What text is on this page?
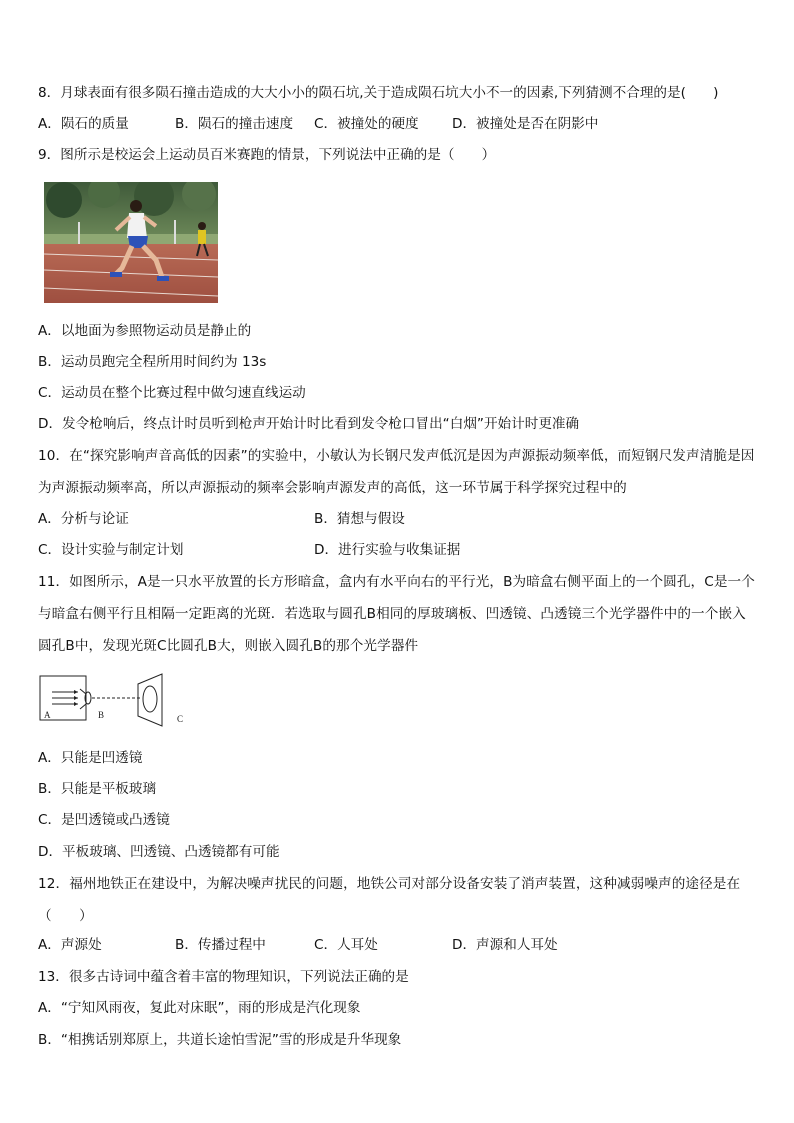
8．月球表面有很多陨石撞击造成的大大小小的陨石坑,关于造成陨石坑大小不一的因素,下列猜测不合理的是(　　)
A．陨石的质量	B．陨石的撞击速度 C．被撞处的硬度 D．被撞处是否在阴影中
9．图所示是校运会上运动员百米赛跑的情景，下列说法中正确的是（　　）
A．以地面为参照物运动员是静止的
B．运动员跑完全程所用时间约为 13s
C．运动员在整个比赛过程中做匀速直线运动
D．发令枪响后，终点计时员听到枪声开始计时比看到发令枪口冒出“白烟”开始计时更准确
10．在“探究影响声音高低的因素”的实验中，小敏认为长钢尺发声低沉是因为声源振动频率低，而短钢尺发声清脆是因为声源振动频率高，所以声源振动的频率会影响声源发声的高低，这一环节属于科学探究过程中的
A．分析与论证	B．猜想与假设
C．设计实验与制定计划	D．进行实验与收集证据
11．如图所示，A是一只水平放置的长方形暗盒，盒内有水平向右的平行光，B为暗盒右侧平面上的一个圆孔，C是一个与暗盒右侧平行且相隔一定距离的光斑．若选取与圆孔B相同的厚玻璃板、凹透镜、凸透镜三个光学器件中的一个嵌入圆孔B中，发现光斑C比圆孔B大，则嵌入圆孔B的那个光学器件
A	B	C
A．只能是凹透镜
B．只能是平板玻璃
C．是凹透镜或凸透镜
D．平板玻璃、凹透镜、凸透镜都有可能
12．福州地铁正在建设中，为解决噪声扰民的问题，地铁公司对部分设备安装了消声装置，这种减弱噪声的途径是在（　　）
A．声源处	B．传播过程中	C．人耳处	D．声源和人耳处
13．很多古诗词中蕴含着丰富的物理知识，下列说法正确的是
A．“宁知风雨夜，复此对床眠”，雨的形成是汽化现象
B．“相携话别郑原上，共道长途怕雪泥”雪的形成是升华现象
